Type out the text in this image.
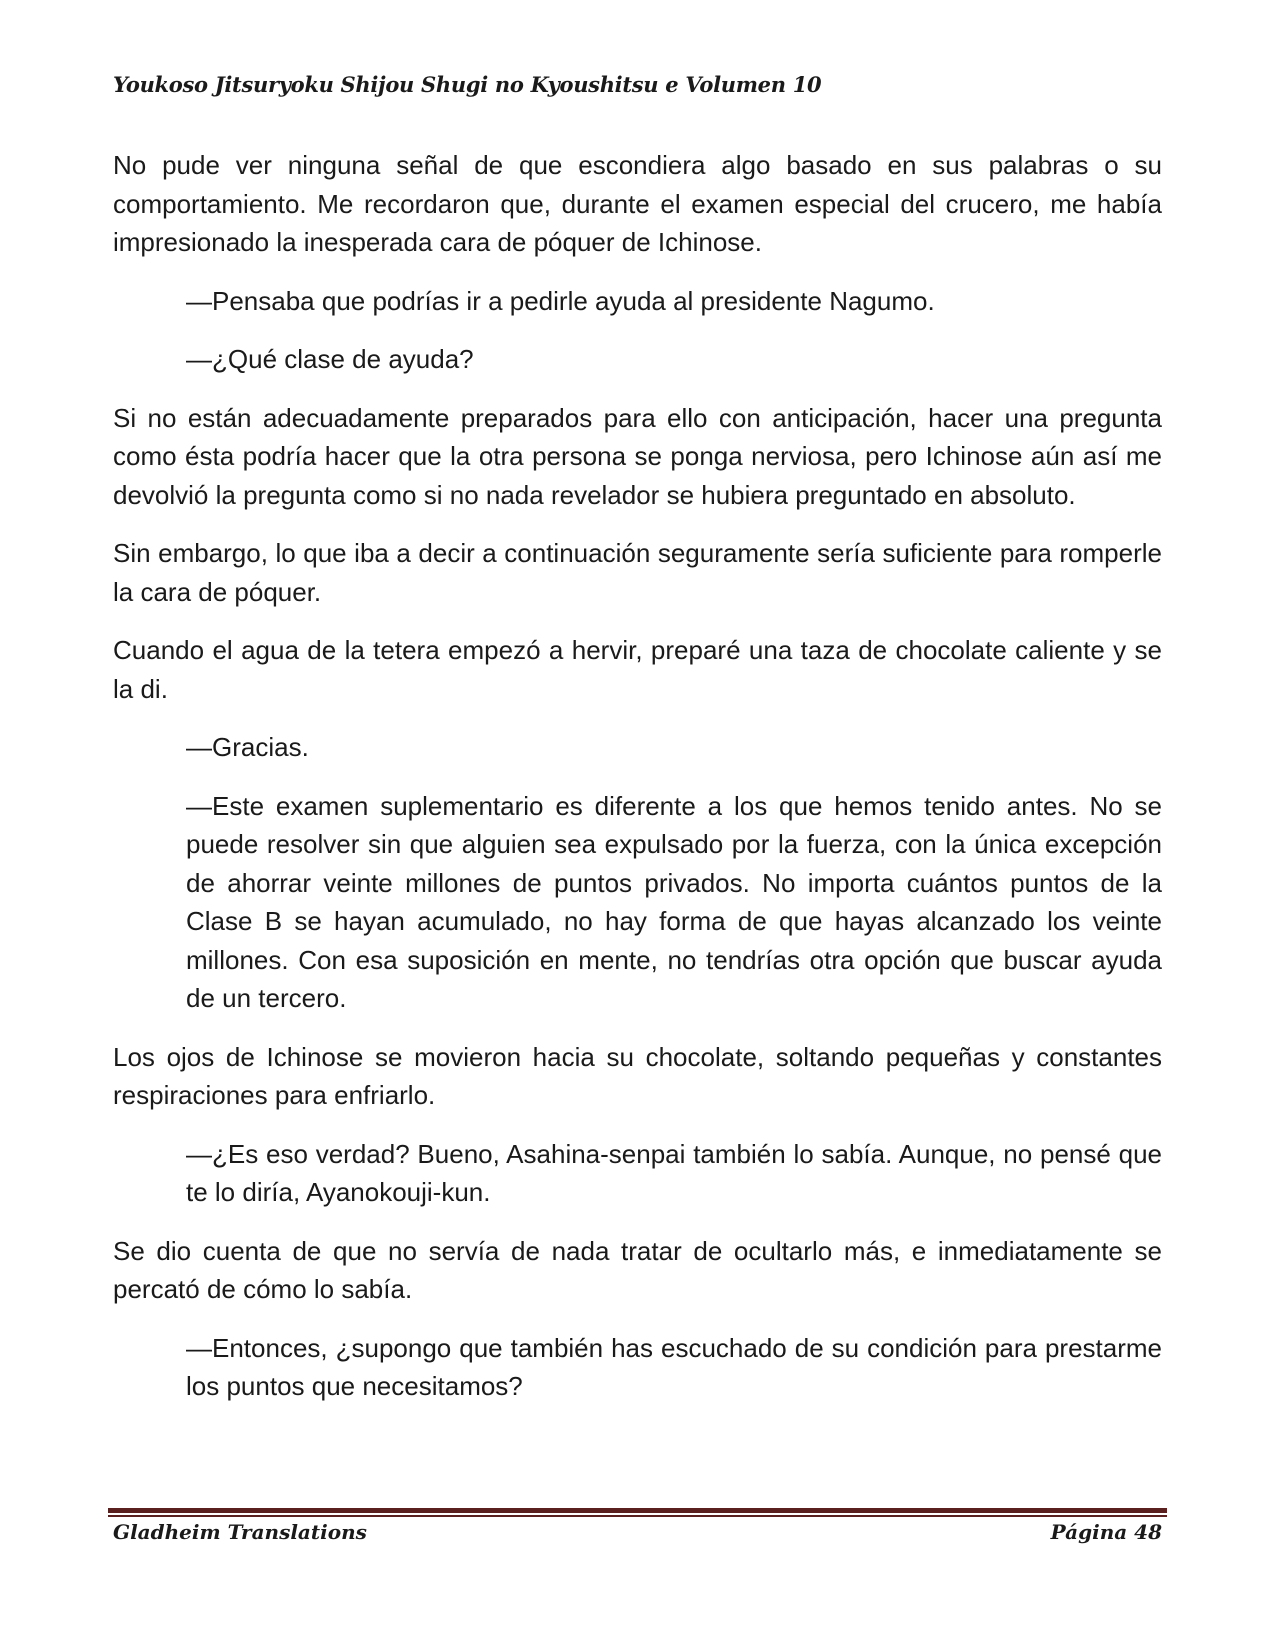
Youkoso Jitsuryoku Shijou Shugi no Kyoushitsu e Volumen 10

No pude ver ninguna señal de que escondiera algo basado en sus palabras o su comportamiento. Me recordaron que, durante el examen especial del crucero, me había impresionado la inesperada cara de póquer de Ichinose.

—Pensaba que podrías ir a pedirle ayuda al presidente Nagumo.

—¿Qué clase de ayuda?

Si no están adecuadamente preparados para ello con anticipación, hacer una pregunta como ésta podría hacer que la otra persona se ponga nerviosa, pero Ichinose aún así me devolvió la pregunta como si no nada revelador se hubiera preguntado en absoluto.

Sin embargo, lo que iba a decir a continuación seguramente sería suficiente para romperle la cara de póquer.

Cuando el agua de la tetera empezó a hervir, preparé una taza de chocolate caliente y se la di.

—Gracias.

—Este examen suplementario es diferente a los que hemos tenido antes. No se puede resolver sin que alguien sea expulsado por la fuerza, con la única excepción de ahorrar veinte millones de puntos privados. No importa cuántos puntos de la Clase B se hayan acumulado, no hay forma de que hayas alcanzado los veinte millones. Con esa suposición en mente, no tendrías otra opción que buscar ayuda de un tercero.

Los ojos de Ichinose se movieron hacia su chocolate, soltando pequeñas y constantes respiraciones para enfriarlo.

—¿Es eso verdad? Bueno, Asahina-senpai también lo sabía. Aunque, no pensé que te lo diría, Ayanokouji-kun.

Se dio cuenta de que no servía de nada tratar de ocultarlo más, e inmediatamente se percató de cómo lo sabía.

—Entonces, ¿supongo que también has escuchado de su condición para prestarme los puntos que necesitamos?

Gladheim Translations	Página 48
